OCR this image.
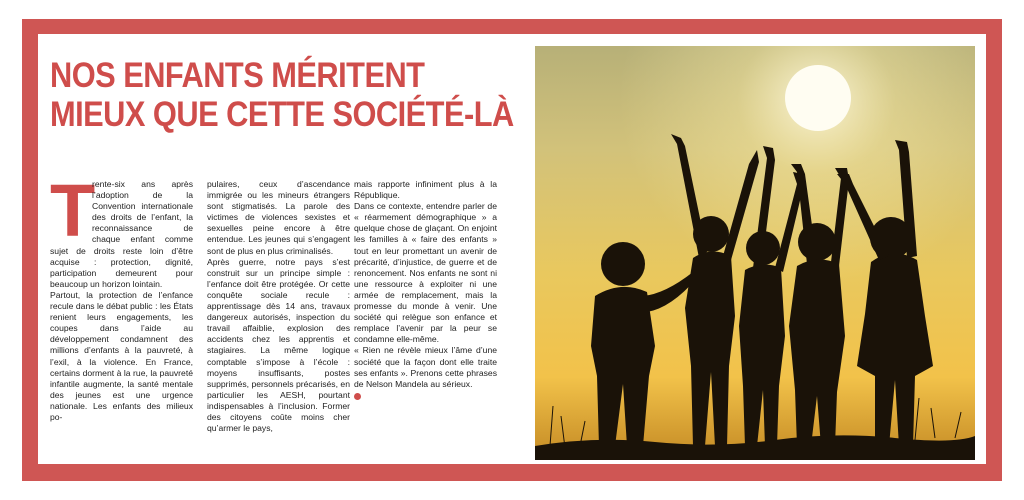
NOS ENFANTS MÉRITENT
MIEUX QUE CETTE SOCIÉTÉ-LÀ

T
rente-six ans après l’adoption de la Convention internationale des droits de l’enfant, la reconnaissance de chaque enfant comme sujet de droits reste loin d’être acquise : protection, dignité, participation demeurent pour beaucoup un horizon lointain.

Partout, la protection de l’enfance recule dans le débat public : les États renient leurs engagements, les coupes dans l’aide au développement condamnent des millions d’enfants à la pauvreté, à l’exil, à la violence. En France, certains dorment à la rue, la pauvreté infantile augmente, la santé mentale des jeunes est une urgence nationale. Les enfants des milieux po-

pulaires, ceux d’ascendance immigrée ou les mineurs étrangers sont stigmatisés. La parole des victimes de violences sexistes et sexuelles peine encore à être entendue. Les jeunes qui s’engagent sont de plus en plus criminalisés.

Après guerre, notre pays s’est construit sur un principe simple : l’enfance doit être protégée. Or cette conquête sociale recule : apprentissage dès 14 ans, travaux dangereux autorisés, inspection du travail affaiblie, explosion des accidents chez les apprentis et stagiaires. La même logique comptable s’impose à l’école : moyens insuffisants, postes supprimés, personnels précarisés, en particulier les AESH, pourtant indispensables à l’inclusion. Former des citoyens coûte moins cher qu’armer le pays,

mais rapporte infiniment plus à la République.

Dans ce contexte, entendre parler de « réarmement démographique » a quelque chose de glaçant. On enjoint les familles à « faire des enfants » tout en leur promettant un avenir de précarité, d’injustice, de guerre et de renoncement. Nos enfants ne sont ni une ressource à exploiter ni une armée de remplacement, mais la promesse du monde à venir. Une société qui relègue son enfance et remplace l’avenir par la peur se condamne elle-même.

« Rien ne révèle mieux l’âme d’une société que la façon dont elle traite ses enfants ». Prenons cette phrases de Nelson Mandela au sérieux.
